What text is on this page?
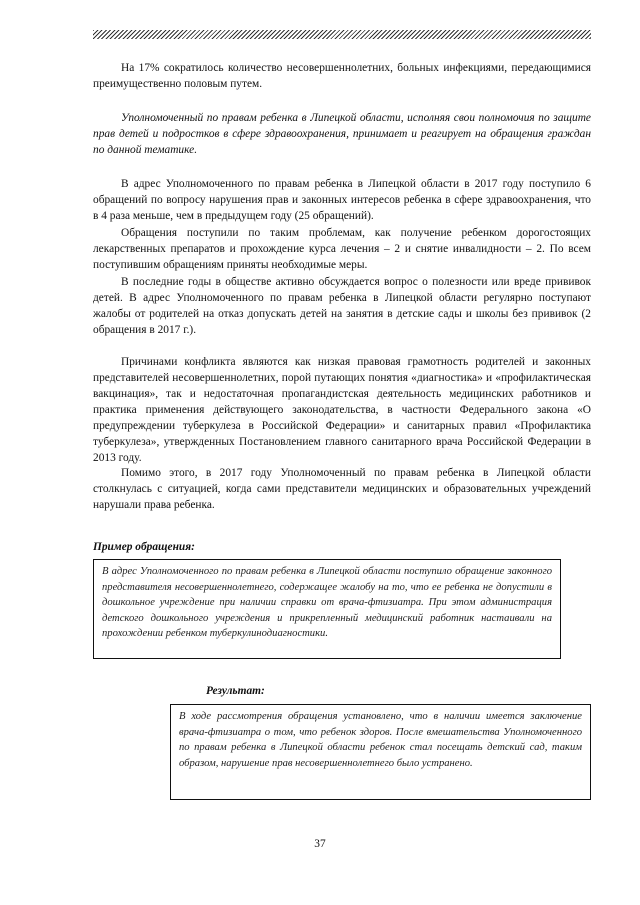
На 17% сократилось количество несовершеннолетних, больных инфекциями, передающимися преимущественно половым путем.

Уполномоченный по правам ребенка в Липецкой области, исполняя свои полномочия по защите прав детей и подростков в сфере здравоохранения, принимает и реагирует на обращения граждан по данной тематике.

В адрес Уполномоченного по правам ребенка в Липецкой области в 2017 году поступило 6 обращений по вопросу нарушения прав и законных интересов ребенка в сфере здравоохранения, что в 4 раза меньше, чем в предыдущем году (25 обращений).

Обращения поступили по таким проблемам, как получение ребенком дорогостоящих лекарственных препаратов и прохождение курса лечения – 2 и снятие инвалидности – 2. По всем поступившим обращениям приняты необходимые меры.

В последние годы в обществе активно обсуждается вопрос о полезности или вреде прививок детей. В адрес Уполномоченного по правам ребенка в Липецкой области регулярно поступают жалобы от родителей на отказ допускать детей на занятия в детские сады и школы без прививок (2 обращения в 2017 г.).

Причинами конфликта являются как низкая правовая грамотность родителей и законных представителей несовершеннолетних, порой путающих понятия «диагностика» и «профилактическая вакцинация», так и недостаточная пропагандистская деятельность медицинских работников и практика применения действующего законодательства, в частности Федерального закона «О предупреждении туберкулеза в Российской Федерации» и санитарных правил «Профилактика туберкулеза», утвержденных Постановлением главного санитарного врача Российской Федерации в 2013 году.

Помимо этого, в 2017 году Уполномоченный по правам ребенка в Липецкой области столкнулась с ситуацией, когда сами представители медицинских и образовательных учреждений нарушали права ребенка.

Пример обращения:

В адрес Уполномоченного по правам ребенка в Липецкой области поступило обращение законного представителя несовершеннолетнего, содержащее жалобу на то, что ее ребенка не допустили в дошкольное учреждение при наличии справки от врача-фтизиатра. При этом администрация детского дошкольного учреждения и прикрепленный медицинский работник настаивали на прохождении ребенком туберкулинодиагностики.

Результат:

В ходе рассмотрения обращения установлено, что в наличии имеется заключение врача-фтизиатра о том, что ребенок здоров. После вмешательства Уполномоченного по правам ребенка в Липецкой области ребенок стал посещать детский сад, таким образом, нарушение прав несовершеннолетнего было устранено.
37
